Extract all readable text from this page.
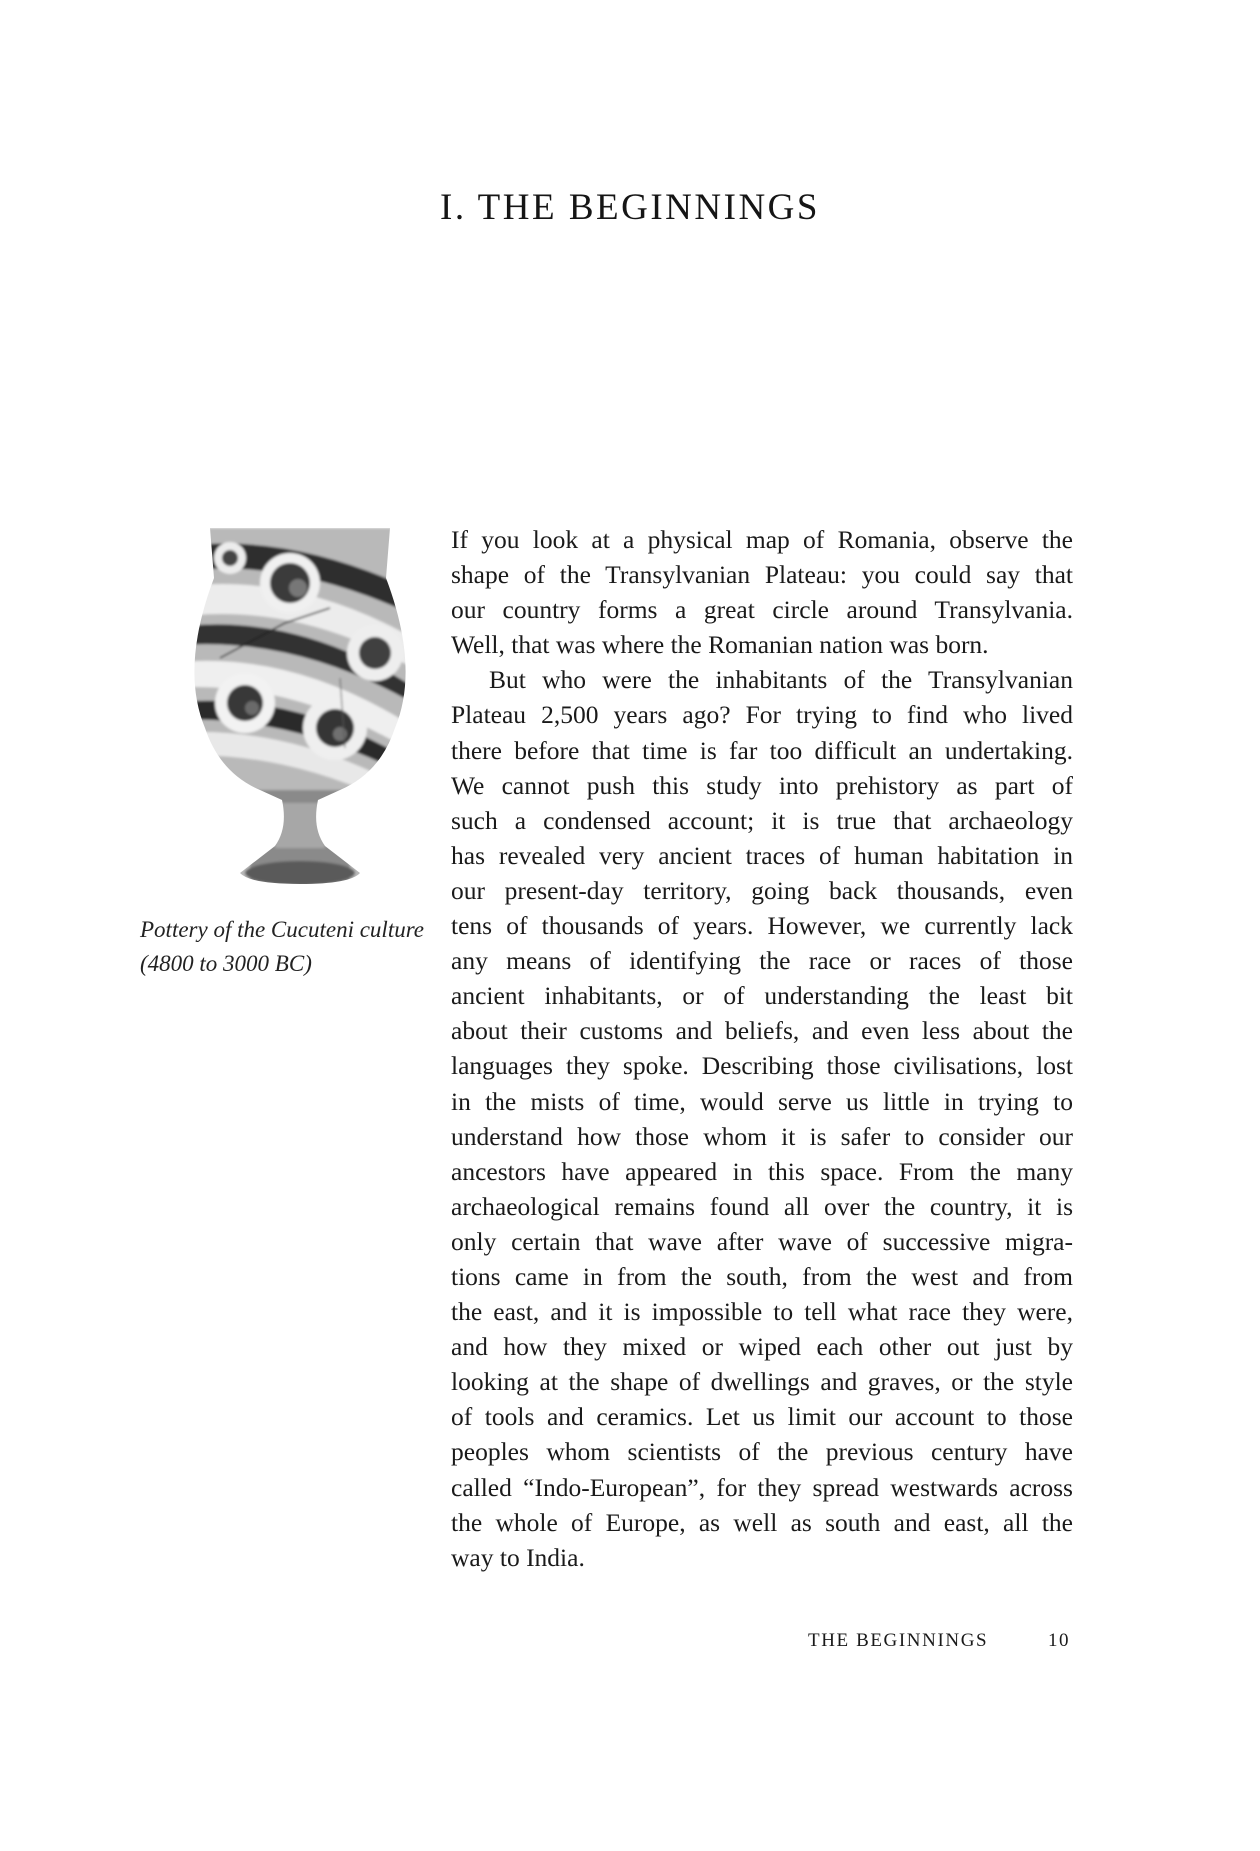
I. THE BEGINNINGS
Pottery of the Cucuteni culture
(4800 to 3000 BC)
If you look at a physical map of Romania, observe the
shape of the Transylvanian Plateau: you could say that
our country forms a great circle around Transylvania.
Well, that was where the Romanian nation was born.
But who were the inhabitants of the Transylvanian
Plateau 2,500 years ago? For trying to find who lived
there before that time is far too difficult an undertaking.
We cannot push this study into prehistory as part of
such a condensed account; it is true that archaeology
has revealed very ancient traces of human habitation in
our present-day territory, going back thousands, even
tens of thousands of years. However, we currently lack
any means of identifying the race or races of those
ancient inhabitants, or of understanding the least bit
about their customs and beliefs, and even less about the
languages they spoke. Describing those civilisations, lost
in the mists of time, would serve us little in trying to
understand how those whom it is safer to consider our
ancestors have appeared in this space. From the many
archaeological remains found all over the country, it is
only certain that wave after wave of successive migra-
tions came in from the south, from the west and from
the east, and it is impossible to tell what race they were,
and how they mixed or wiped each other out just by
looking at the shape of dwellings and graves, or the style
of tools and ceramics. Let us limit our account to those
peoples whom scientists of the previous century have
called “Indo-European”, for they spread westwards across
the whole of Europe, as well as south and east, all the
way to India.
THE BEGINNINGS	10
